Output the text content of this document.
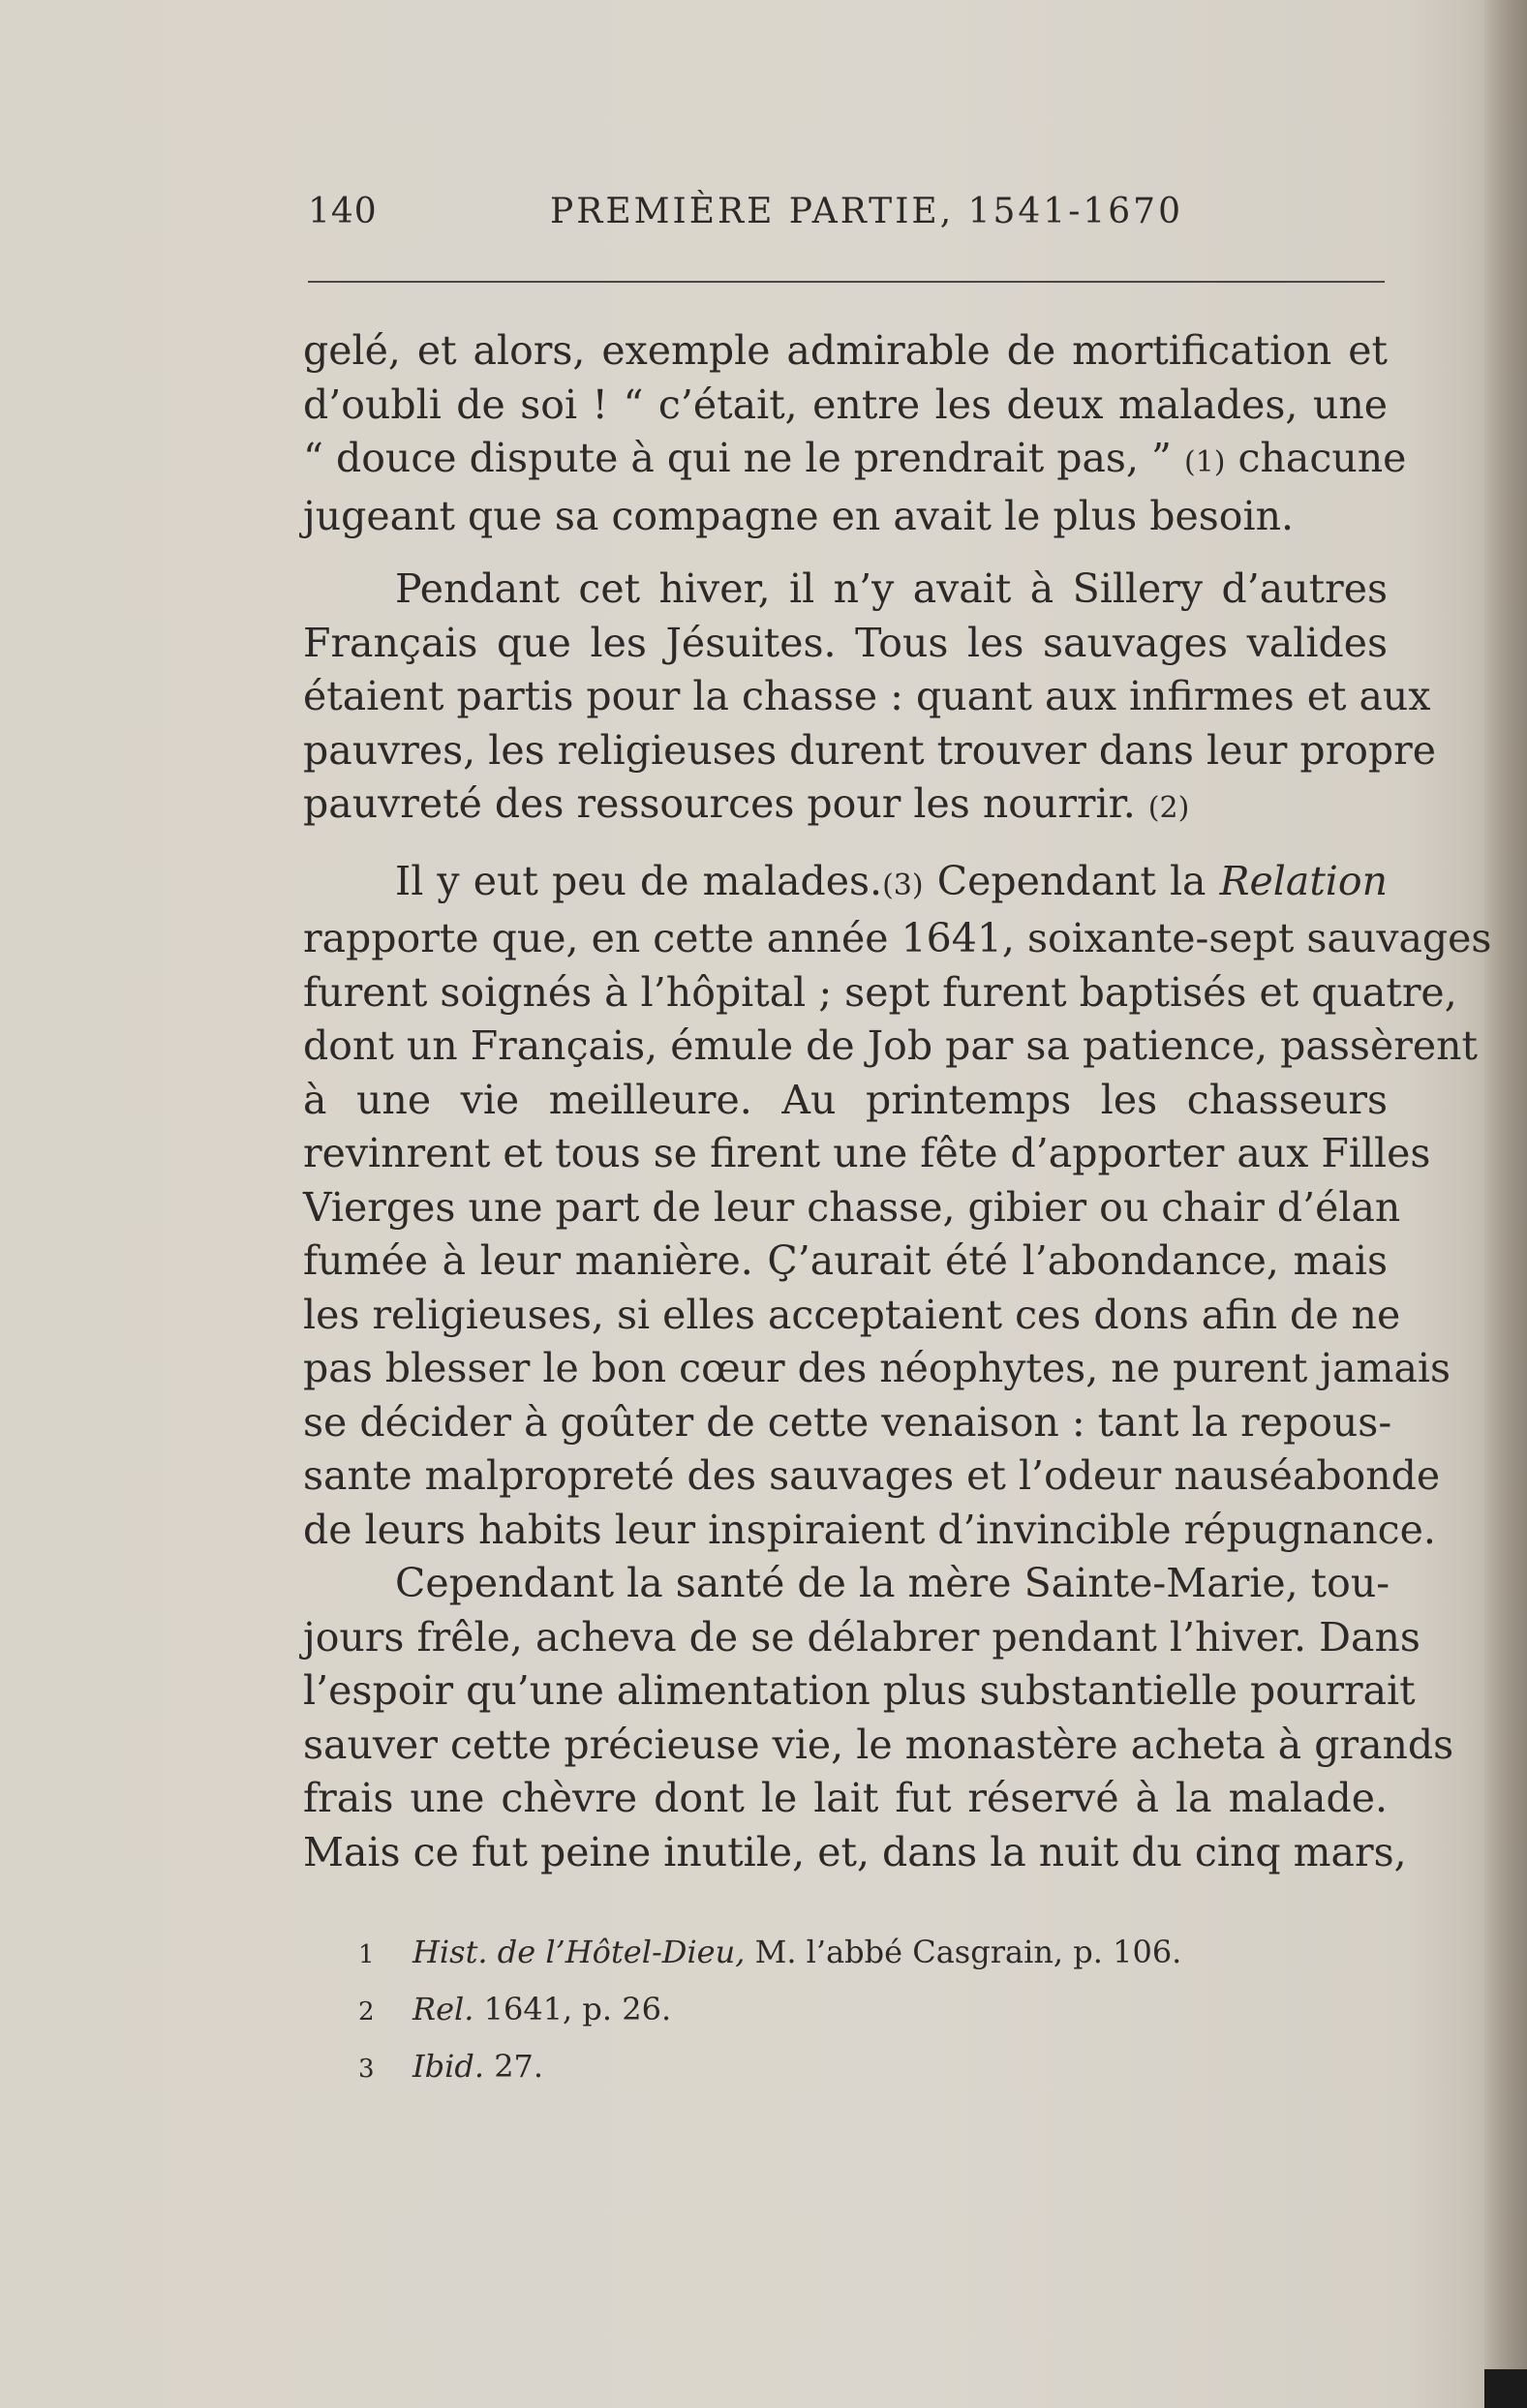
140	PREMIÈRE PARTIE, 1541-1670
gelé, et alors, exemple admirable de mortification et
d’oubli de soi ! “ c’était, entre les deux malades, une
“ douce dispute à qui ne le prendrait pas, ” (1) chacune
jugeant que sa compagne en avait le plus besoin.
Pendant cet hiver, il n’y avait à Sillery d’autres
Français que les Jésuites. Tous les sauvages valides
étaient partis pour la chasse : quant aux infirmes et aux
pauvres, les religieuses durent trouver dans leur propre
pauvreté des ressources pour les nourrir. (2)
Il y eut peu de malades.(3) Cependant la Relation
rapporte que, en cette année 1641, soixante-sept sauvages
furent soignés à l’hôpital ; sept furent baptisés et quatre,
dont un Français, émule de Job par sa patience, passèrent
à une vie meilleure. Au printemps les chasseurs
revinrent et tous se firent une fête d’apporter aux Filles
Vierges une part de leur chasse, gibier ou chair d’élan
fumée à leur manière. Ç’aurait été l’abondance, mais
les religieuses, si elles acceptaient ces dons afin de ne
pas blesser le bon cœur des néophytes, ne purent jamais
se décider à goûter de cette venaison : tant la repous-
sante malpropreté des sauvages et l’odeur nauséabonde
de leurs habits leur inspiraient d’invincible répugnance.
Cependant la santé de la mère Sainte-Marie, tou-
jours frêle, acheva de se délabrer pendant l’hiver. Dans
l’espoir qu’une alimentation plus substantielle pourrait
sauver cette précieuse vie, le monastère acheta à grands
frais une chèvre dont le lait fut réservé à la malade.
Mais ce fut peine inutile, et, dans la nuit du cinq mars,
1 Hist. de l’Hôtel-Dieu, M. l’abbé Casgrain, p. 106.
2 Rel. 1641, p. 26.
3 Ibid. 27.
